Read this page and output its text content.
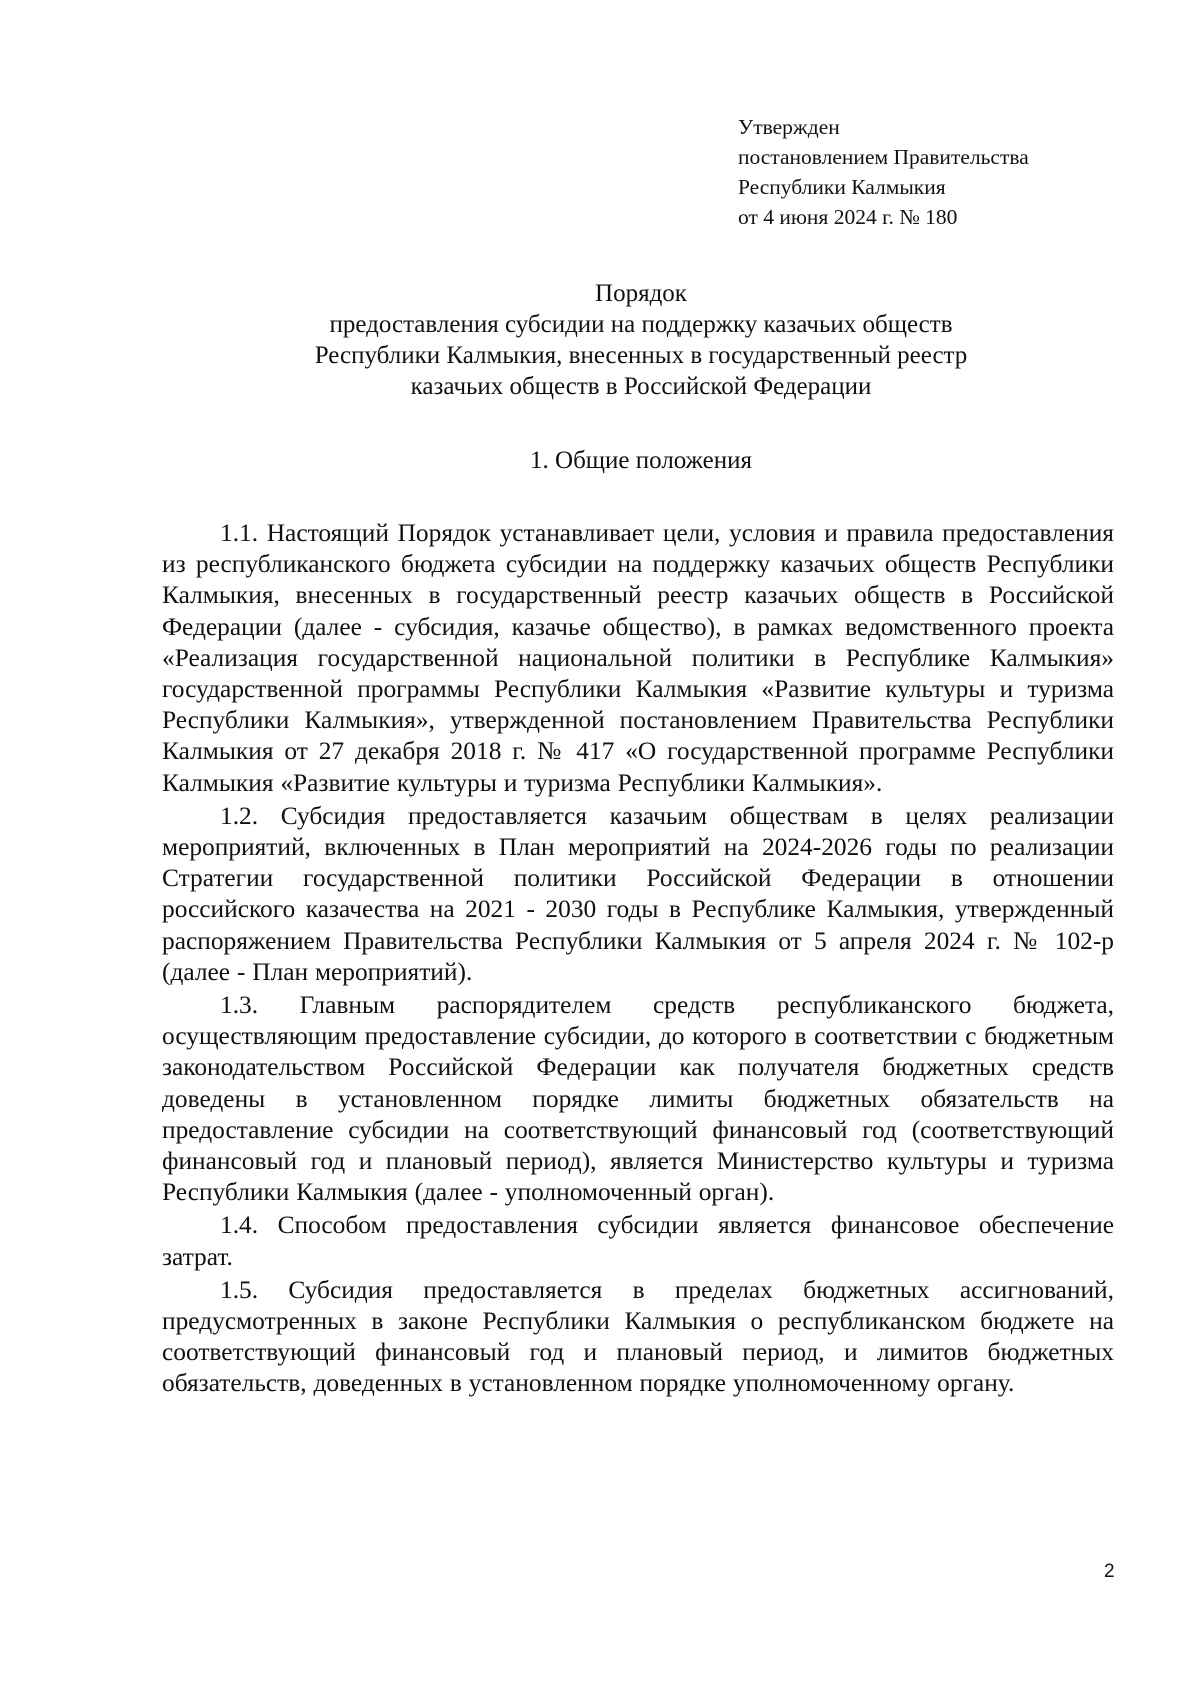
Утвержден
постановлением Правительства
Республики Калмыкия
от 4 июня 2024 г. № 180
Порядок
предоставления субсидии на поддержку казачьих обществ
Республики Калмыкия, внесенных в государственный реестр
казачьих обществ в Российской Федерации
1. Общие положения

1.1. Настоящий Порядок устанавливает цели, условия и правила предоставления из республиканского бюджета субсидии на поддержку казачьих обществ Республики Калмыкия, внесенных в государственный реестр казачьих обществ в Российской Федерации (далее - субсидия, казачье общество), в рамках ведомственного проекта «Реализация государственной национальной политики в Республике Калмыкия» государственной программы Республики Калмыкия «Развитие культуры и туризма Республики Калмыкия», утвержденной постановлением Правительства Республики Калмыкия от 27 декабря 2018 г. № 417 «О государственной программе Республики Калмыкия «Развитие культуры и туризма Республики Калмыкия».

1.2. Субсидия предоставляется казачьим обществам в целях реализации мероприятий, включенных в План мероприятий на 2024-2026 годы по реализации Стратегии государственной политики Российской Федерации в отношении российского казачества на 2021 - 2030 годы в Республике Калмыкия, утвержденный распоряжением Правительства Республики Калмыкия от 5 апреля 2024 г. № 102-р (далее - План мероприятий).

1.3. Главным распорядителем средств республиканского бюджета, осуществляющим предоставление субсидии, до которого в соответствии с бюджетным законодательством Российской Федерации как получателя бюджетных средств доведены в установленном порядке лимиты бюджетных обязательств на предоставление субсидии на соответствующий финансовый год (соответствующий финансовый год и плановый период), является Министерство культуры и туризма Республики Калмыкия (далее - уполномоченный орган).

1.4. Способом предоставления субсидии является финансовое обеспечение затрат.

1.5. Субсидия предоставляется в пределах бюджетных ассигнований, предусмотренных в законе Республики Калмыкия о республиканском бюджете на соответствующий финансовый год и плановый период, и лимитов бюджетных обязательств, доведенных в установленном порядке уполномоченному органу.

2
